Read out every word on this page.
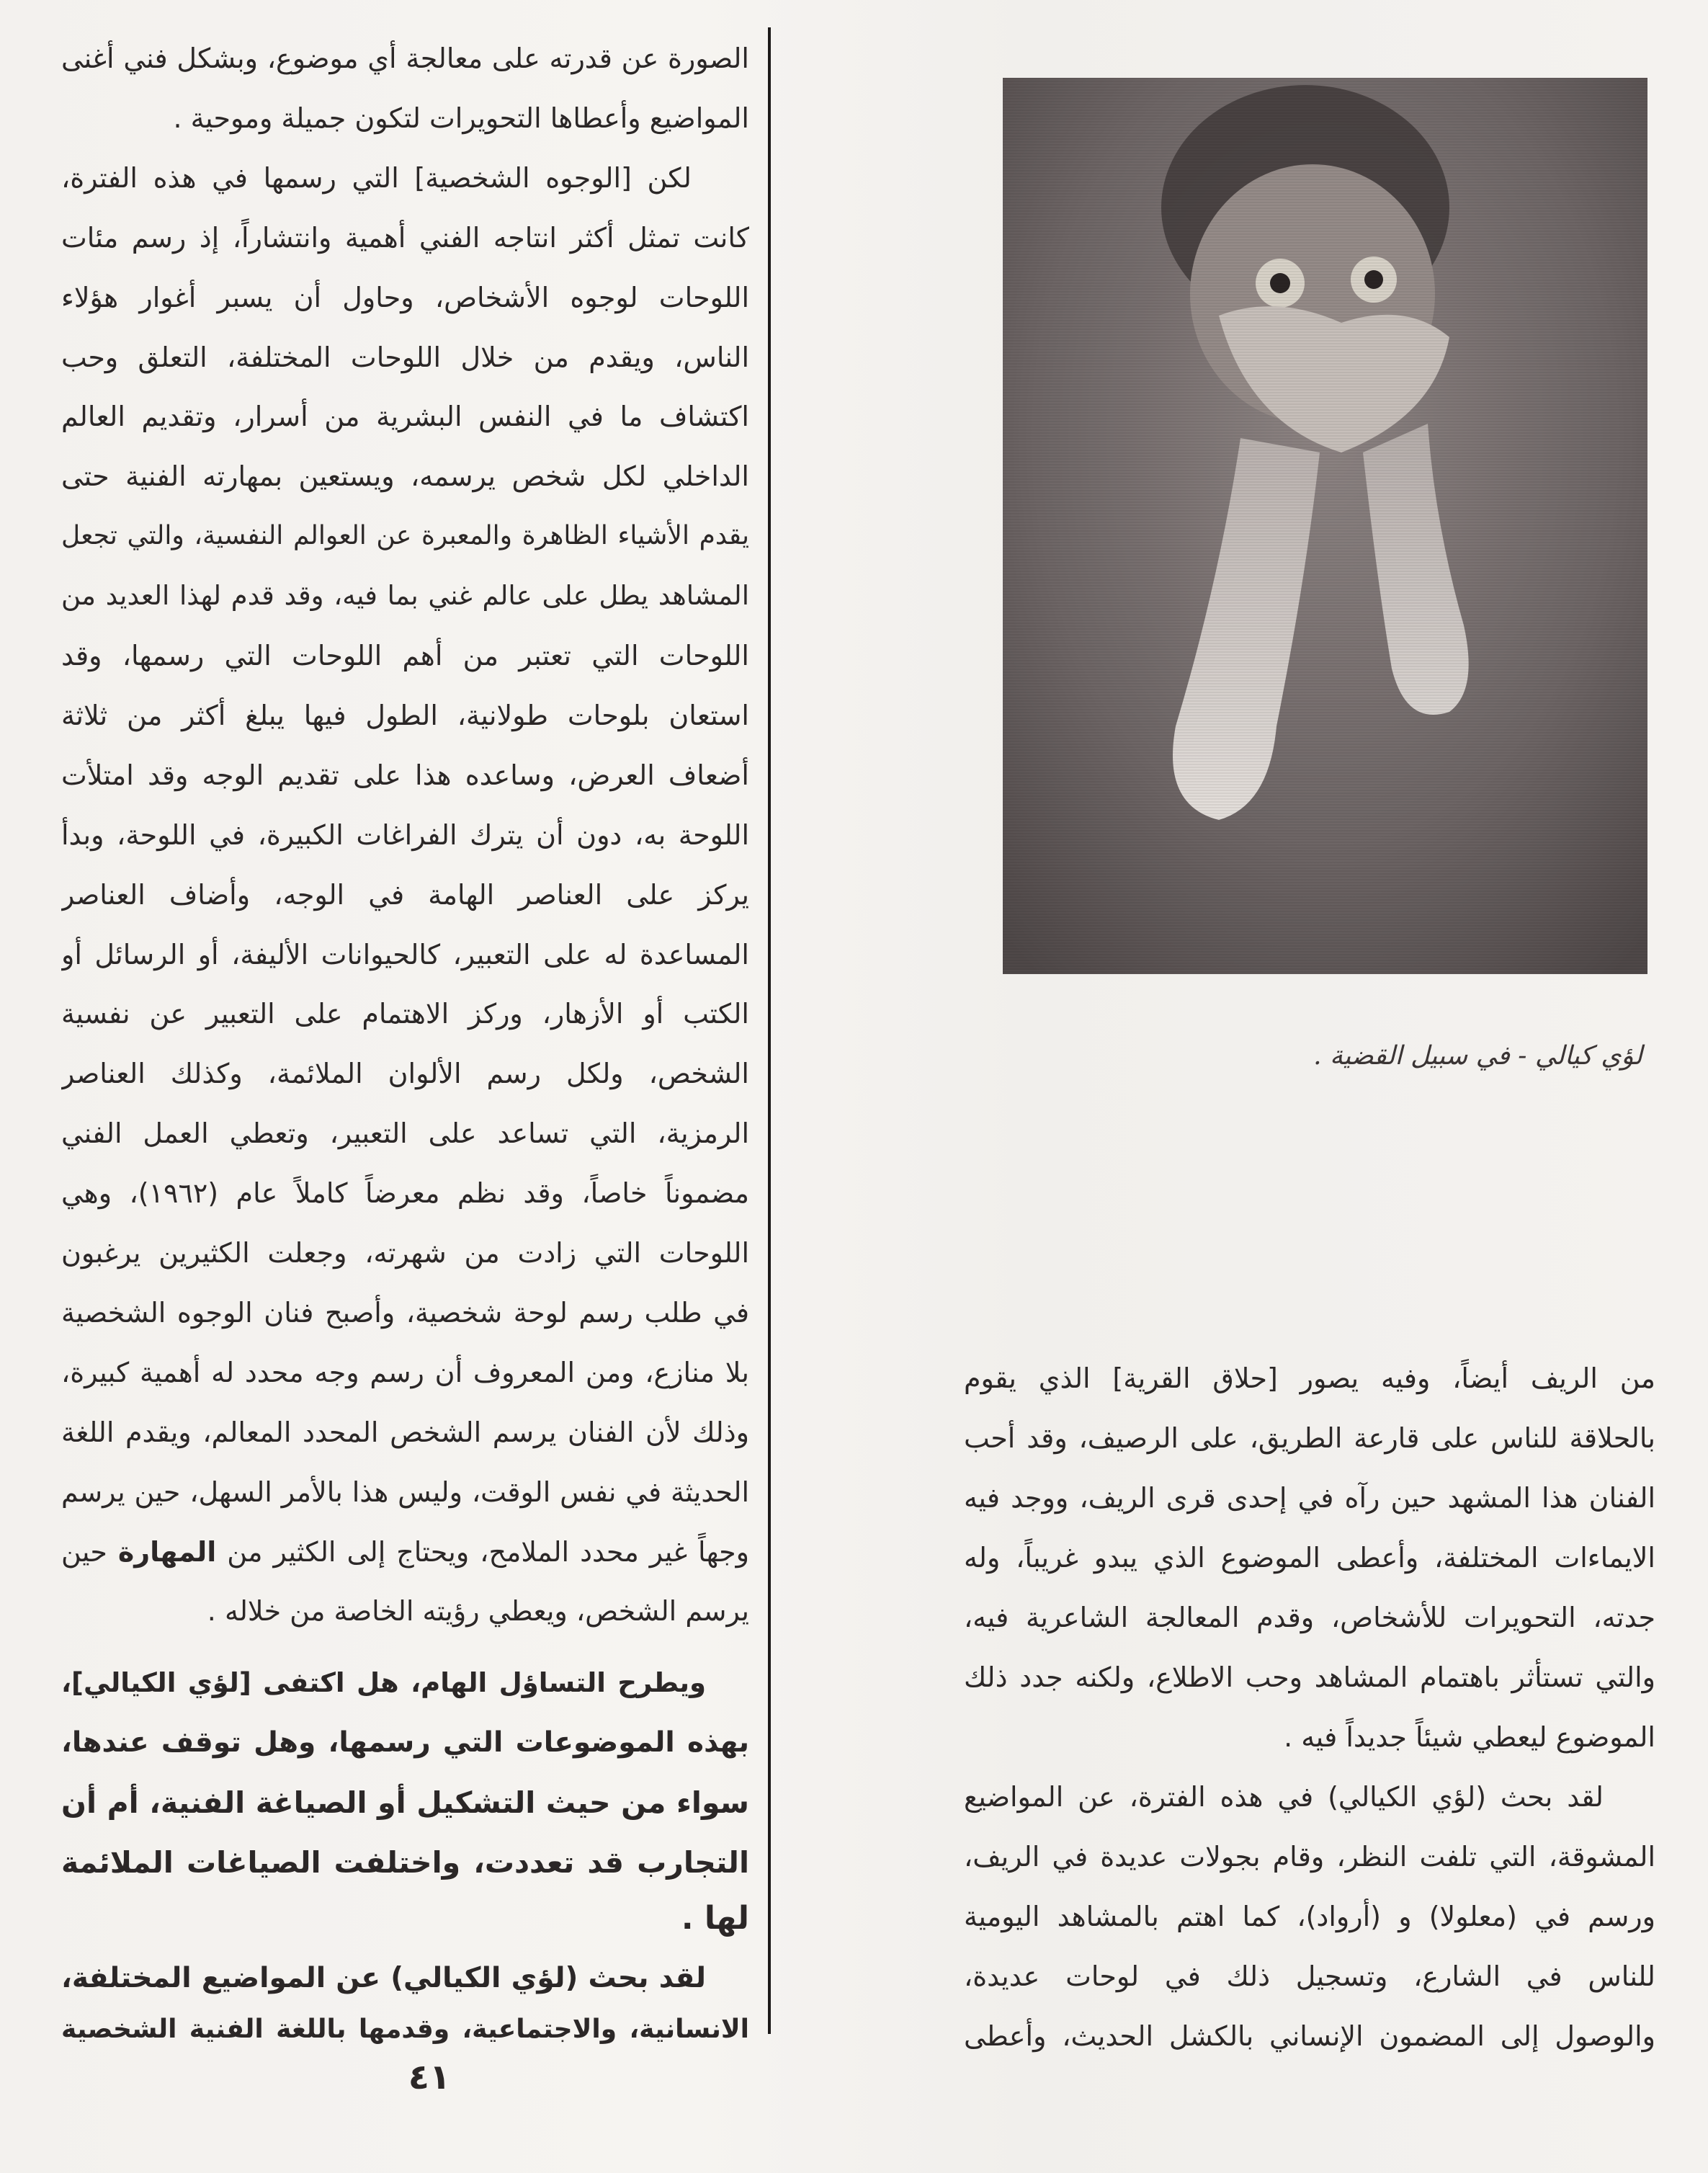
الصورة عن قدرته على معالجة أي موضوع، وبشكل فني أغنى
المواضيع وأعطاها التحويرات لتكون جميلة وموحية .
لكن [الوجوه الشخصية] التي رسمها في هذه الفترة،
كانت تمثل أكثر انتاجه الفني أهمية وانتشاراً، إذ رسم مئات
اللوحات لوجوه الأشخاص، وحاول أن يسبر أغوار هؤلاء
الناس، ويقدم من خلال اللوحات المختلفة، التعلق وحب
اكتشاف ما في النفس البشرية من أسرار، وتقديم العالم
الداخلي لكل شخص يرسمه، ويستعين بمهارته الفنية حتى
يقدم الأشياء الظاهرة والمعبرة عن العوالم النفسية، والتي تجعل
المشاهد يطل على عالم غني بما فيه، وقد قدم لهذا العديد من
اللوحات التي تعتبر من أهم اللوحات التي رسمها، وقد
استعان بلوحات طولانية، الطول فيها يبلغ أكثر من ثلاثة
أضعاف العرض، وساعده هذا على تقديم الوجه وقد امتلأت
اللوحة به، دون أن يترك الفراغات الكبيرة، في اللوحة، وبدأ
يركز على العناصر الهامة في الوجه، وأضاف العناصر
المساعدة له على التعبير، كالحيوانات الأليفة، أو الرسائل أو
الكتب أو الأزهار، وركز الاهتمام على التعبير عن نفسية
الشخص، ولكل رسم الألوان الملائمة، وكذلك العناصر
الرمزية، التي تساعد على التعبير، وتعطي العمل الفني
مضموناً خاصاً، وقد نظم معرضاً كاملاً عام (١٩٦٢)، وهي
اللوحات التي زادت من شهرته، وجعلت الكثيرين يرغبون
في طلب رسم لوحة شخصية، وأصبح فنان الوجوه الشخصية
بلا منازع، ومن المعروف أن رسم وجه محدد له أهمية كبيرة،
وذلك لأن الفنان يرسم الشخص المحدد المعالم، ويقدم اللغة
الحديثة في نفس الوقت، وليس هذا بالأمر السهل، حين يرسم
وجهاً غير محدد الملامح، ويحتاج إلى الكثير من المهارة حين
يرسم الشخص، ويعطي رؤيته الخاصة من خلاله .
ويطرح التساؤل الهام، هل اكتفى [لؤي الكيالي]،
بهذه الموضوعات التي رسمها، وهل توقف عندها،
سواء من حيث التشكيل أو الصياغة الفنية، أم أن
التجارب قد تعددت، واختلفت الصياغات الملائمة
لها .
لقد بحث (لؤي الكيالي) عن المواضيع المختلفة،
الانسانية، والاجتماعية، وقدمها باللغة الفنية الشخصية
٤١
لؤي كيالي - في سبيل القضية .
من الريف أيضاً، وفيه يصور [حلاق القرية] الذي يقوم
بالحلاقة للناس على قارعة الطريق، على الرصيف، وقد أحب
الفنان هذا المشهد حين رآه في إحدى قرى الريف، ووجد فيه
الايماءات المختلفة، وأعطى الموضوع الذي يبدو غريباً، وله
جدته، التحويرات للأشخاص، وقدم المعالجة الشاعرية فيه،
والتي تستأثر باهتمام المشاهد وحب الاطلاع، ولكنه جدد ذلك
الموضوع ليعطي شيئاً جديداً فيه .
لقد بحث (لؤي الكيالي) في هذه الفترة، عن المواضيع
المشوقة، التي تلفت النظر، وقام بجولات عديدة في الريف،
ورسم في (معلولا) و (أرواد)، كما اهتم بالمشاهد اليومية
للناس في الشارع، وتسجيل ذلك في لوحات عديدة،
والوصول إلى المضمون الإنساني بالكشل الحديث، وأعطى
